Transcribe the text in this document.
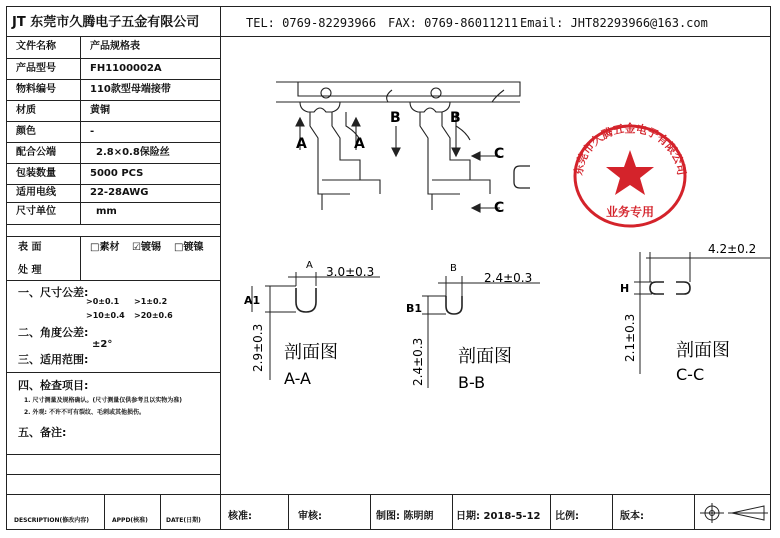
JT 东莞市久腾电子五金有限公司	TEL: 0769-82293966 FAX: 0769-86011211 Email: JHT82293966@163.com
文件名称	产品规格表
产品型号	FH1100002A
物料编号	110款型母端接带
材质	黄铜
颜色	-
配合公端	2.8×0.8保险丝
包装数量	5000 PCS
适用电线	22-28AWG
尺寸单位	mm
表 面
处 理
□素材 ☑镀锡 □镀镍
一、尺寸公差:
>0±0.1 >1±0.2
>10±0.4 >20±0.6
二、角度公差:
±2°
三、适用范围:
四、检查项目:
1. 尺寸测量及规格确认。(尺寸测量仅供参考且以实物为准)
2. 外观: 不许不可有裂纹、毛刺或其他损伤。
五、备注:
DESCRIPTION(修改内容)	APPD(核准)	DATE(日期)	核准:	审核:	制图: 陈明朗 日期: 2018-5-12 比例:	版本:
A	A
B	B
C
C
3.0±0.3
A
A1
2.9±0.3 剖面图
A-A
B
2.4±0.3
B1
2.4±0.3 剖面图
B-B
4.2±0.2
H
2.1±0.3 剖面图
C-C
东莞市久腾五金电子有限公司
业务专用
